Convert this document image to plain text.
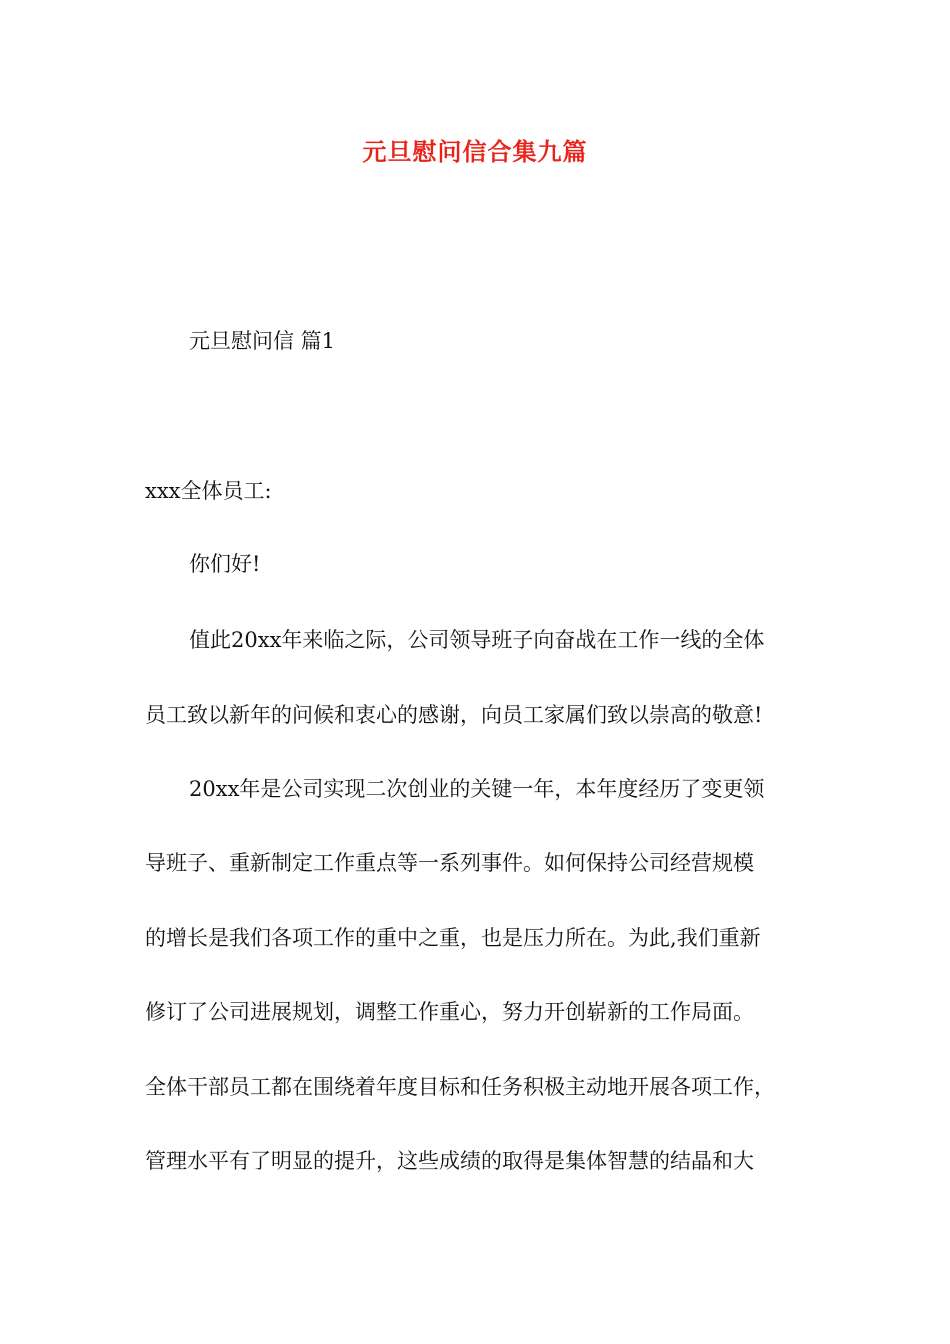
元旦慰问信合集九篇
元旦慰问信 篇1
xxx全体员工:
你们好!
值此20xx年来临之际，公司领导班子向奋战在工作一线的全体
员工致以新年的问候和衷心的感谢，向员工家属们致以崇高的敬意!
20xx年是公司实现二次创业的关键一年，本年度经历了变更领
导班子、重新制定工作重点等一系列事件。如何保持公司经营规模
的增长是我们各项工作的重中之重，也是压力所在。为此,我们重新
修订了公司进展规划，调整工作重心，努力开创崭新的工作局面。
全体干部员工都在围绕着年度目标和任务积极主动地开展各项工作，
管理水平有了明显的提升，这些成绩的取得是集体智慧的结晶和大
